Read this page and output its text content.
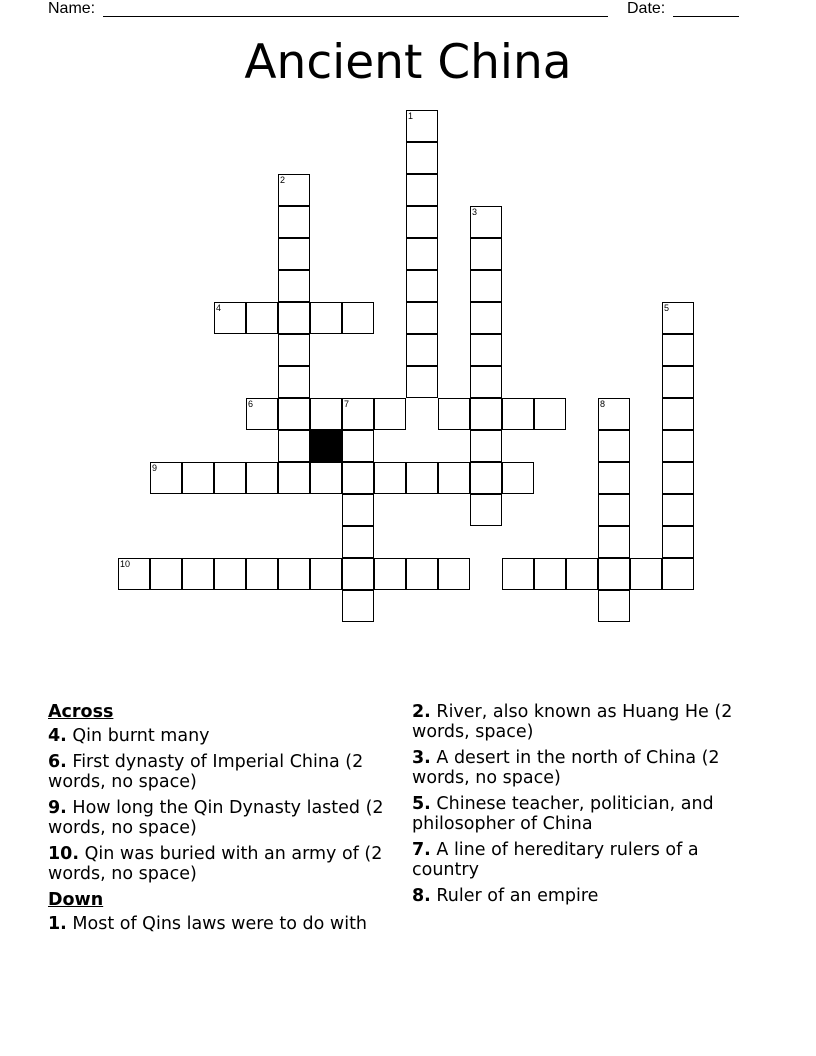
Name:	Date:
Ancient China
1
2
3
4	5
6	7	8
9
10
Across
4. Qin burnt many
6. First dynasty of Imperial China (2 words, no space)
9. How long the Qin Dynasty lasted (2 words, no space)
10. Qin was buried with an army of (2 words, no space)
Down
1. Most of Qins laws were to do with
2. River, also known as Huang He (2 words, space)
3. A desert in the north of China (2 words, no space)
5. Chinese teacher, politician, and philosopher of China
7. A line of hereditary rulers of a country
8. Ruler of an empire
